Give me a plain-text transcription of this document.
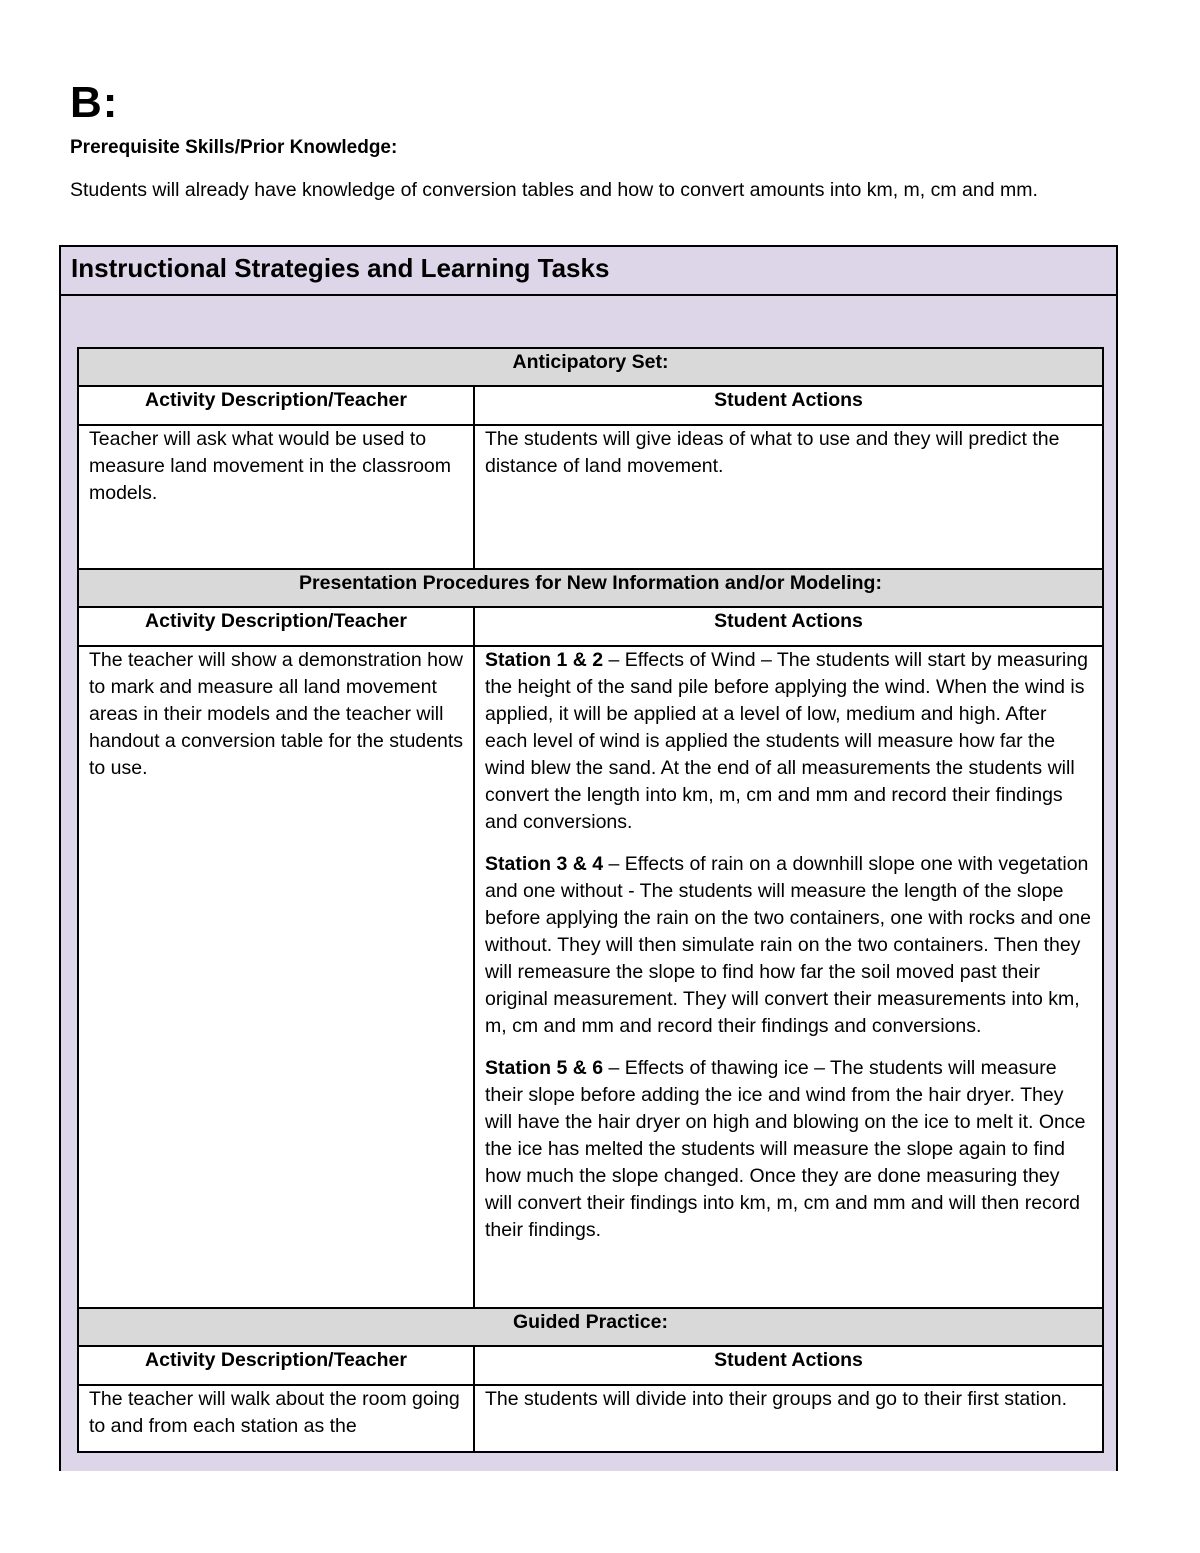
B:
Prerequisite Skills/Prior Knowledge:
Students will already have knowledge of conversion tables and how to convert amounts into km, m, cm and mm.
Instructional Strategies and Learning Tasks
Anticipatory Set:	
Activity Description/Teacher	Student Actions
Teacher will ask what would be used to measure land movement in the classroom models.	The students will give ideas of what to use and they will predict the distance of land movement.
Presentation Procedures for New Information and/or Modeling:	
Activity Description/Teacher	Student Actions
The teacher will show a demonstration how to mark and measure all land movement areas in their models and the teacher will handout a conversion table for the students to use.	Station 1 & 2 – Effects of Wind – The students will start by measuring the height of the sand pile before applying the wind. When the wind is applied, it will be applied at a level of low, medium and high. After each level of wind is applied the students will measure how far the wind blew the sand. At the end of all measurements the students will convert the length into km, m, cm and mm and record their findings and conversions.

Station 3 & 4 – Effects of rain on a downhill slope one with vegetation and one without - The students will measure the length of the slope before applying the rain on the two containers, one with rocks and one without. They will then simulate rain on the two containers. Then they will remeasure the slope to find how far the soil moved past their original measurement. They will convert their measurements into km, m, cm and mm and record their findings and conversions.

Station 5 & 6 – Effects of thawing ice – The students will measure their slope before adding the ice and wind from the hair dryer. They will have the hair dryer on high and blowing on the ice to melt it. Once the ice has melted the students will measure the slope again to find how much the slope changed. Once they are done measuring they will convert their findings into km, m, cm and mm and will then record their findings.

Guided Practice:	
Activity Description/Teacher	Student Actions
The teacher will walk about the room going to and from each station as the	The students will divide into their groups and go to their first station.
